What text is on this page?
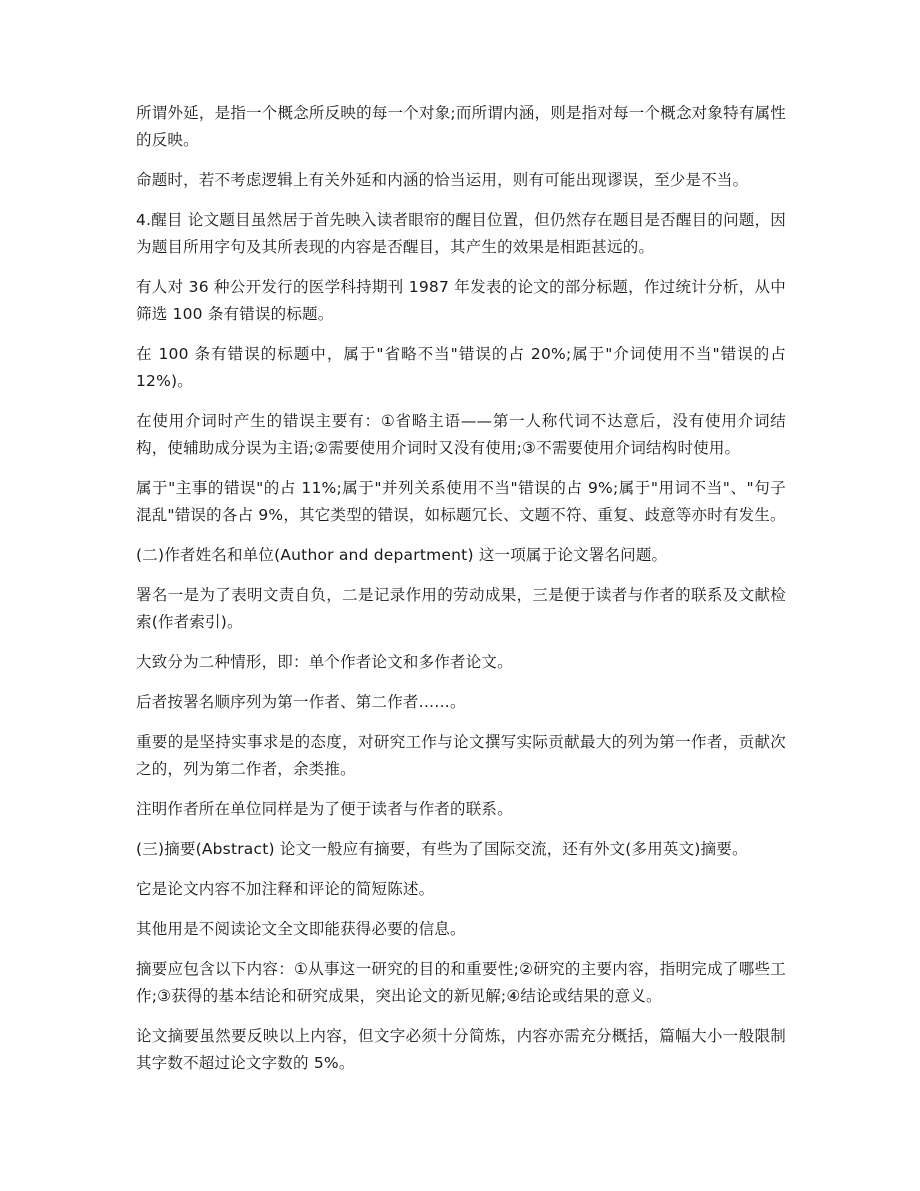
所谓外延，是指一个概念所反映的每一个对象;而所谓内涵，则是指对每一个概念对象特有属性的反映。

命题时，若不考虑逻辑上有关外延和内涵的恰当运用，则有可能出现谬误，至少是不当。

4.醒目 论文题目虽然居于首先映入读者眼帘的醒目位置，但仍然存在题目是否醒目的问题，因为题目所用字句及其所表现的内容是否醒目，其产生的效果是相距甚远的。

有人对 36 种公开发行的医学科持期刊 1987 年发表的论文的部分标题，作过统计分析，从中筛选 100 条有错误的标题。

在 100 条有错误的标题中，属于"省略不当"错误的占 20%;属于"介词使用不当"错误的占 12%)。

在使用介词时产生的错误主要有：①省略主语——第一人称代词不达意后，没有使用介词结构，使辅助成分误为主语;②需要使用介词时又没有使用;③不需要使用介词结构时使用。

属于"主事的错误"的占 11%;属于"并列关系使用不当"错误的占 9%;属于"用词不当"、"句子混乱"错误的各占 9%，其它类型的错误，如标题冗长、文题不符、重复、歧意等亦时有发生。

(二)作者姓名和单位(Author and department) 这一项属于论文署名问题。

署名一是为了表明文责自负，二是记录作用的劳动成果，三是便于读者与作者的联系及文献检索(作者索引)。

大致分为二种情形，即：单个作者论文和多作者论文。

后者按署名顺序列为第一作者、第二作者……。

重要的是坚持实事求是的态度，对研究工作与论文撰写实际贡献最大的列为第一作者，贡献次之的，列为第二作者，余类推。

注明作者所在单位同样是为了便于读者与作者的联系。

(三)摘要(Abstract) 论文一般应有摘要，有些为了国际交流，还有外文(多用英文)摘要。

它是论文内容不加注释和评论的简短陈述。

其他用是不阅读论文全文即能获得必要的信息。

摘要应包含以下内容：①从事这一研究的目的和重要性;②研究的主要内容，指明完成了哪些工作;③获得的基本结论和研究成果，突出论文的新见解;④结论或结果的意义。

论文摘要虽然要反映以上内容，但文字必须十分简炼，内容亦需充分概括，篇幅大小一般限制其字数不超过论文字数的 5%。
